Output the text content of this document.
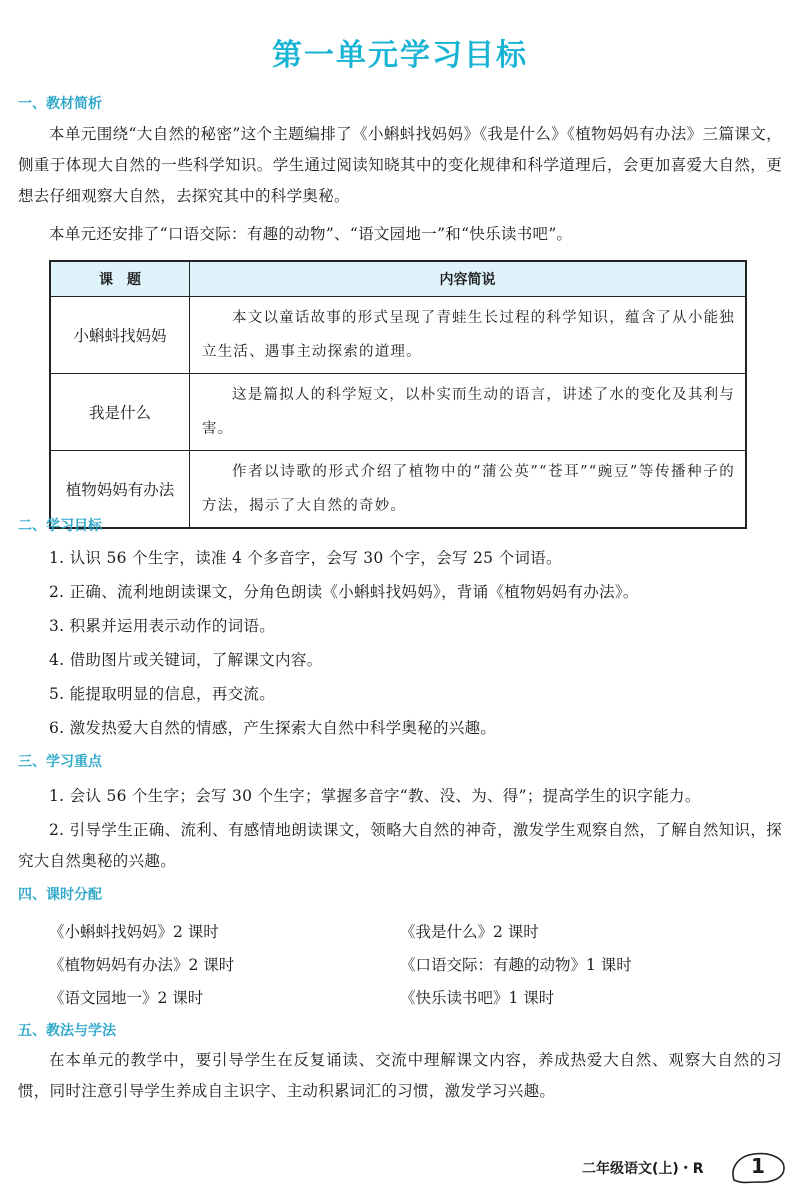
第一单元学习目标
一、教材简析
本单元围绕“大自然的秘密”这个主题编排了《小蝌蚪找妈妈》《我是什么》《植物妈妈有办法》三篇课文，侧重于体现大自然的一些科学知识。学生通过阅读知晓其中的变化规律和科学道理后，会更加喜爱大自然，更想去仔细观察大自然，去探究其中的科学奥秘。
本单元还安排了“口语交际：有趣的动物”、“语文园地一”和“快乐读书吧”。
课　题	内容简说
小蝌蚪找妈妈	本文以童话故事的形式呈现了青蛙生长过程的科学知识，蕴含了从小能独立生活、遇事主动探索的道理。
我是什么	这是篇拟人的科学短文，以朴实而生动的语言，讲述了水的变化及其利与害。
植物妈妈有办法	作者以诗歌的形式介绍了植物中的“蒲公英”“苍耳”“豌豆”等传播种子的方法，揭示了大自然的奇妙。
二、学习目标
1. 认识 56 个生字，读准 4 个多音字，会写 30 个字，会写 25 个词语。
2. 正确、流利地朗读课文，分角色朗读《小蝌蚪找妈妈》，背诵《植物妈妈有办法》。
3. 积累并运用表示动作的词语。
4. 借助图片或关键词，了解课文内容。
5. 能提取明显的信息，再交流。
6. 激发热爱大自然的情感，产生探索大自然中科学奥秘的兴趣。
三、学习重点
1. 会认 56 个生字；会写 30 个生字；掌握多音字“教、没、为、得”；提高学生的识字能力。
2. 引导学生正确、流利、有感情地朗读课文，领略大自然的神奇，激发学生观察自然，了解自然知识，探究大自然奥秘的兴趣。
四、课时分配
《小蝌蚪找妈妈》2 课时	《我是什么》2 课时
《植物妈妈有办法》2 课时	《口语交际：有趣的动物》1 课时
《语文园地一》2 课时	《快乐读书吧》1 课时
五、教法与学法
在本单元的教学中，要引导学生在反复诵读、交流中理解课文内容，养成热爱大自然、观察大自然的习惯，同时注意引导学生养成自主识字、主动积累词汇的习惯，激发学习兴趣。
二年级语文(上)・R	1
